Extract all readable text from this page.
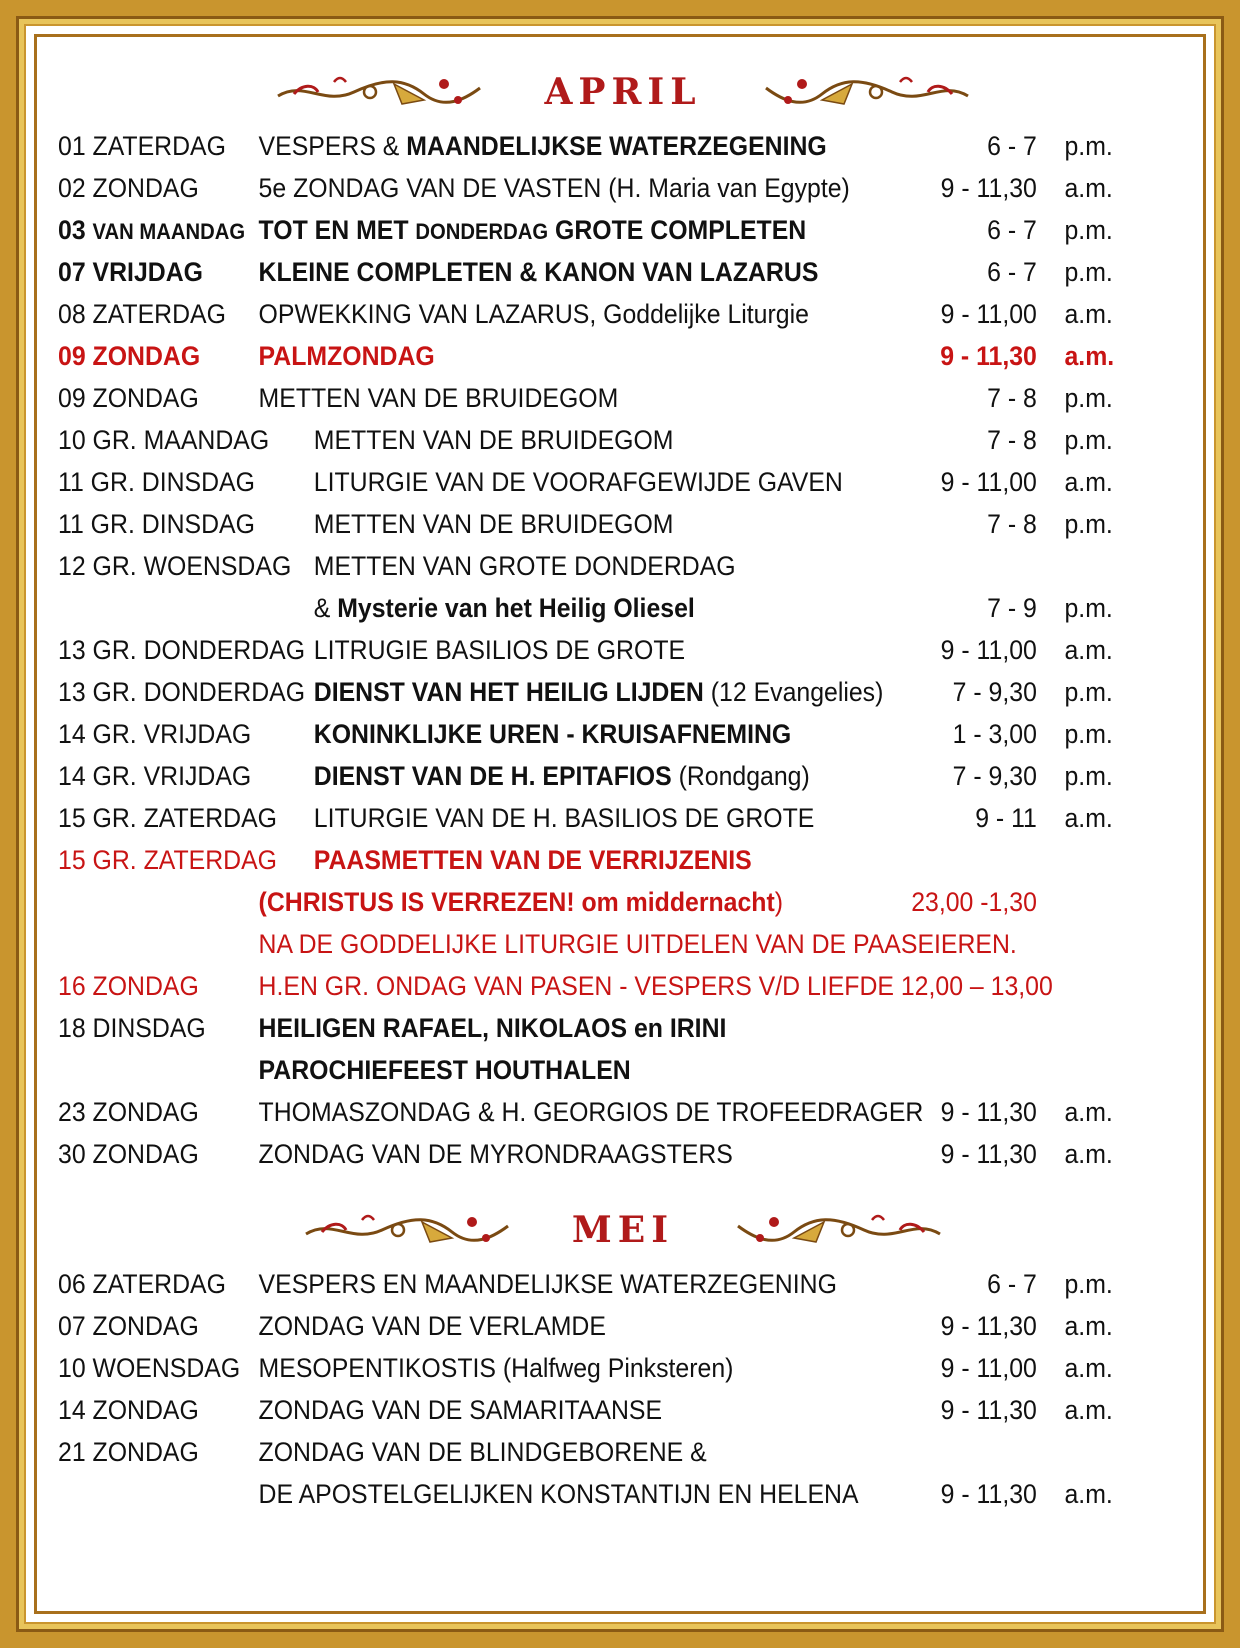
APRIL
01 ZATERDAG VESPERS & MAANDELIJKSE WATERZEGENING	6 - 7 p.m.
02 ZONDAG 5e ZONDAG VAN DE VASTEN (H. Maria van Egypte)	9 - 11,30 a.m.
03 VAN MAANDAG TOT EN MET DONDERDAG GROTE COMPLETEN	6 - 7 p.m.
07 VRIJDAG KLEINE COMPLETEN & KANON VAN LAZARUS	6 - 7 p.m.
08 ZATERDAG OPWEKKING VAN LAZARUS, Goddelijke Liturgie	9 - 11,00 a.m.
09 ZONDAG PALMZONDAG	9 - 11,30 a.m.
09 ZONDAG METTEN VAN DE BRUIDEGOM	7 - 8 p.m.
10 GR. MAANDAG METTEN VAN DE BRUIDEGOM	7 - 8 p.m.
11 GR. DINSDAG LITURGIE VAN DE VOORAFGEWIJDE GAVEN	9 - 11,00 a.m.
11 GR. DINSDAG METTEN VAN DE BRUIDEGOM	7 - 8 p.m.
12 GR. WOENSDAG METTEN VAN GROTE DONDERDAG
& Mysterie van het Heilig Oliesel	7 - 9 p.m.
13 GR. DONDERDAG LITRUGIE BASILIOS DE GROTE	9 - 11,00 a.m.
13 GR. DONDERDAG DIENST VAN HET HEILIG LIJDEN (12 Evangelies)	7 - 9,30 p.m.
14 GR. VRIJDAG KONINKLIJKE UREN - KRUISAFNEMING	1 - 3,00 p.m.
14 GR. VRIJDAG DIENST VAN DE H. EPITAFIOS (Rondgang)	7 - 9,30 p.m.
15 GR. ZATERDAG LITURGIE VAN DE H. BASILIOS DE GROTE	9 - 11 a.m.
15 GR. ZATERDAG PAASMETTEN VAN DE VERRIJZENIS
(CHRISTUS IS VERREZEN! om middernacht)	23,00 -1,30
NA DE GODDELIJKE LITURGIE UITDELEN VAN DE PAASEIEREN.
16 ZONDAG H.EN GR. ONDAG VAN PASEN - VESPERS V/D LIEFDE 12,00 – 13,00
18 DINSDAG HEILIGEN RAFAEL, NIKOLAOS en IRINI
PAROCHIEFEEST HOUTHALEN
23 ZONDAG THOMASZONDAG & H. GEORGIOS DE TROFEEDRAGER 9 - 11,30 a.m.
30 ZONDAG ZONDAG VAN DE MYRONDRAAGSTERS	9 - 11,30 a.m.
MEI
06 ZATERDAG VESPERS EN MAANDELIJKSE WATERZEGENING	6 - 7 p.m.
07 ZONDAG ZONDAG VAN DE VERLAMDE	9 - 11,30 a.m.
10 WOENSDAG MESOPENTIKOSTIS (Halfweg Pinksteren)	9 - 11,00 a.m.
14 ZONDAG ZONDAG VAN DE SAMARITAANSE	9 - 11,30 a.m.
21 ZONDAG ZONDAG VAN DE BLINDGEBORENE &
DE APOSTELGELIJKEN KONSTANTIJN EN HELENA	9 - 11,30 a.m.
